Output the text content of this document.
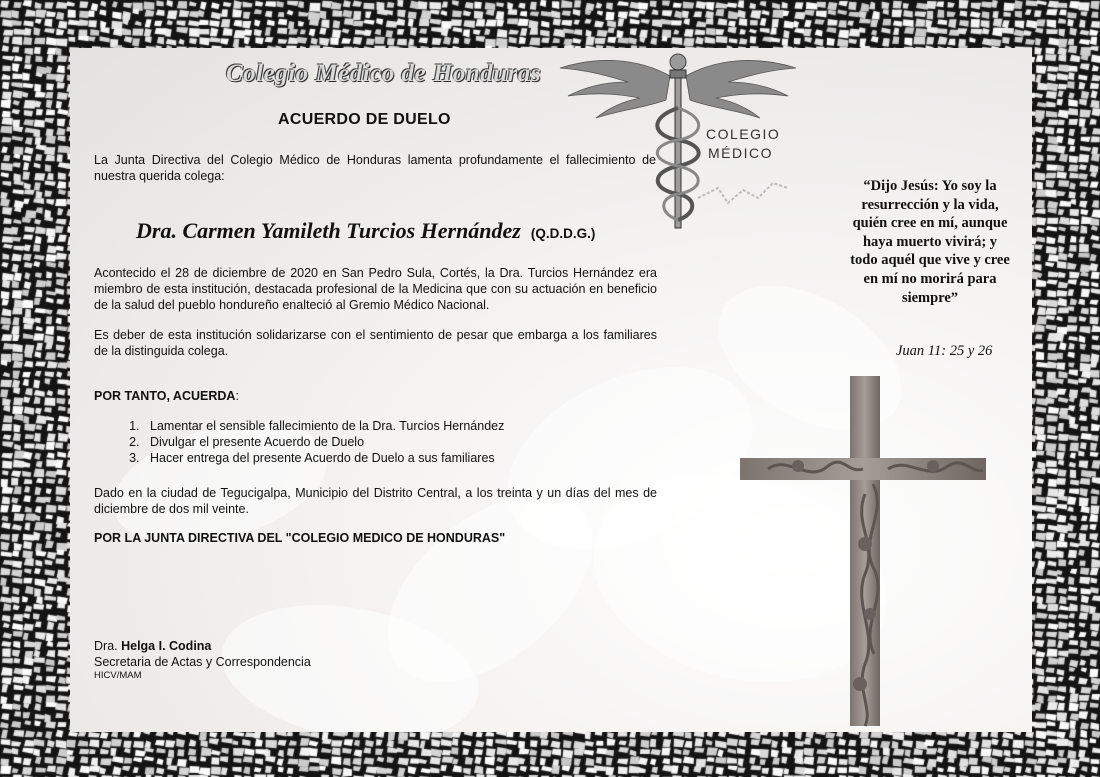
Colegio Médico de Honduras
COLEGIO
MÉDICO
ACUERDO DE DUELO
La Junta Directiva del Colegio Médico de Honduras lamenta profundamente el fallecimiento de nuestra querida colega:
Dra. Carmen Yamileth Turcios Hernández (Q.D.D.G.)
Acontecido el 28 de diciembre de 2020 en San Pedro Sula, Cortés, la Dra. Turcios Hernández era miembro de esta institución, destacada profesional de la Medicina que con su actuación en beneficio de la salud del pueblo hondureño enalteció al Gremio Médico Nacional.
Es deber de esta institución solidarizarse con el sentimiento de pesar que embarga a los familiares de la distinguida colega.
POR TANTO, ACUERDA:
1. Lamentar el sensible fallecimiento de la Dra. Turcios Hernández
2. Divulgar el presente Acuerdo de Duelo
3. Hacer entrega del presente Acuerdo de Duelo a sus familiares
Dado en la ciudad de Tegucigalpa, Municipio del Distrito Central, a los treinta y un días del mes de diciembre de dos mil veinte.
POR LA JUNTA DIRECTIVA DEL "COLEGIO MEDICO DE HONDURAS"
Dra. Helga I. Codina
Secretaria de Actas y Correspondencia
HICV/MAM
“Dijo Jesús: Yo soy la resurrección y la vida, quién cree en mí, aunque haya muerto vivirá; y todo aquél que vive y cree en mí no morirá para siempre”
Juan 11: 25 y 26
